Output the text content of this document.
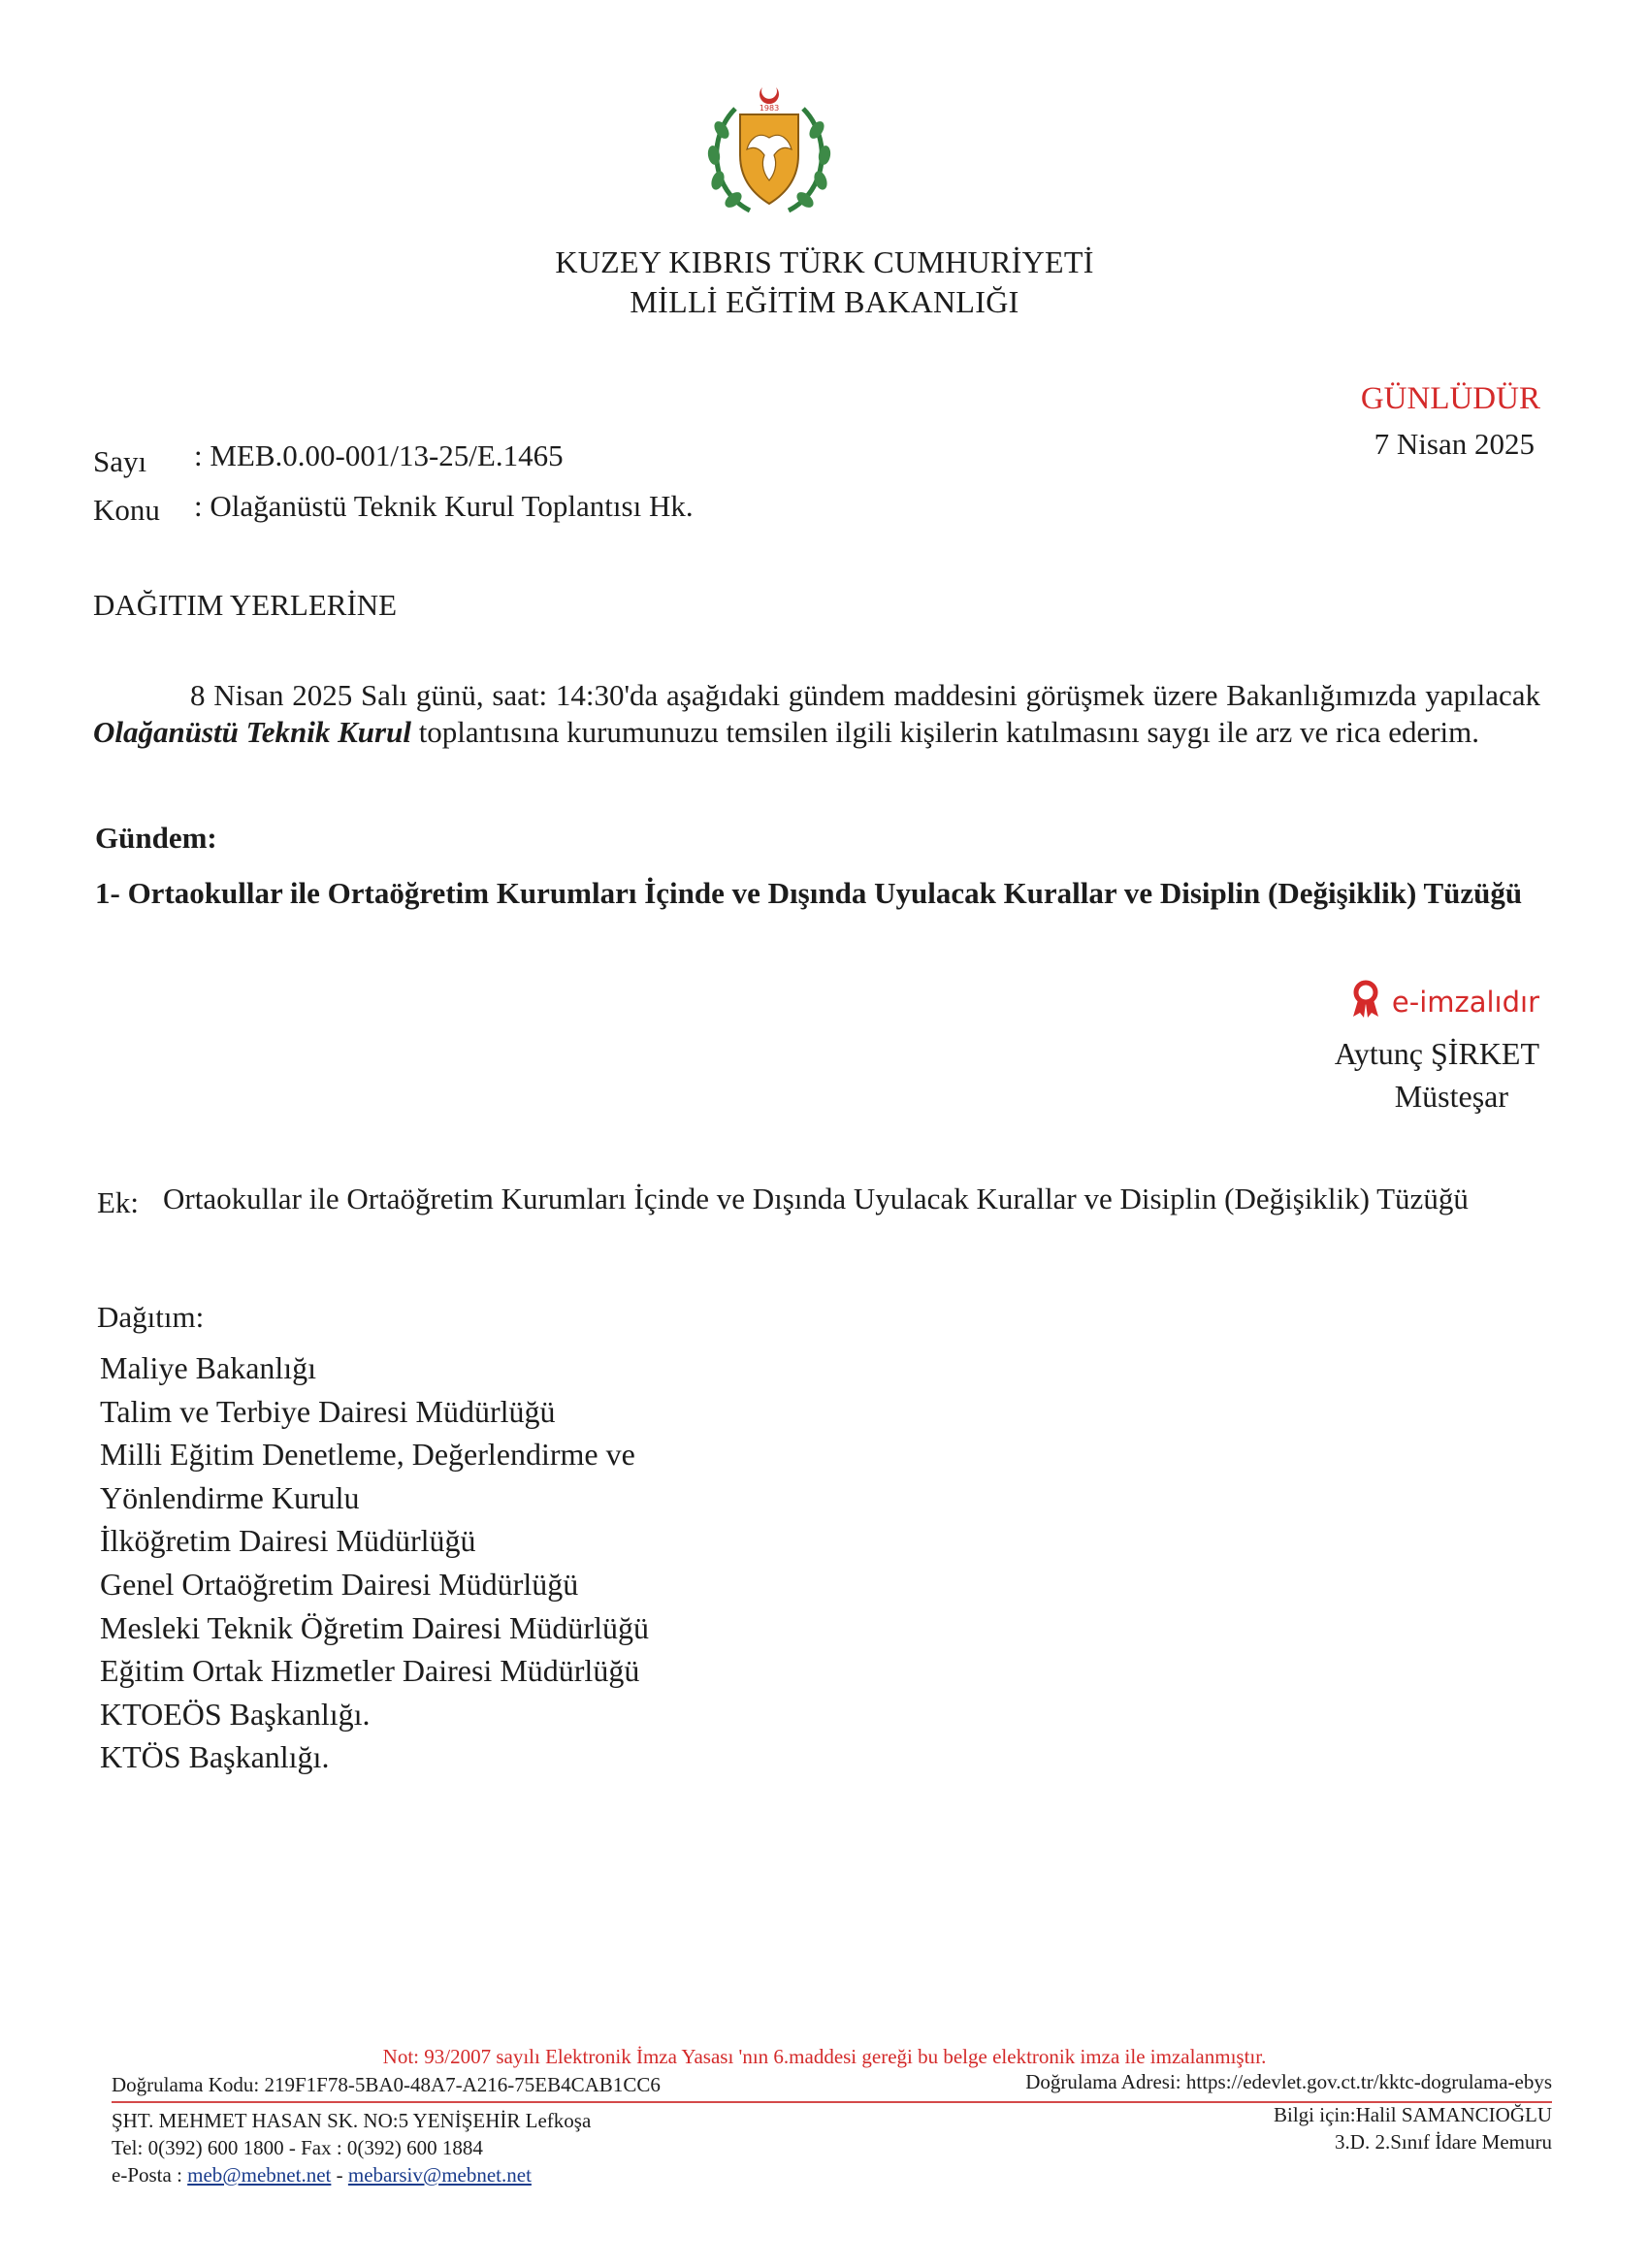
1983
KUZEY KIBRIS TÜRK CUMHURİYETİ
MİLLİ EĞİTİM BAKANLIĞI
GÜNLÜDÜR
7 Nisan 2025
Sayı : MEB.0.00-001/13-25/E.1465
Konu : Olağanüstü Teknik Kurul Toplantısı Hk.
DAĞITIM YERLERİNE

8 Nisan 2025 Salı günü, saat: 14:30'da aşağıdaki gündem maddesini görüşmek üzere Bakanlığımızda yapılacak Olağanüstü Teknik Kurul toplantısına kurumunuzu temsilen ilgili kişilerin katılmasını saygı ile arz ve rica ederim.

Gündem:
1- Ortaokullar ile Ortaöğretim Kurumları İçinde ve Dışında Uyulacak Kurallar ve Disiplin (Değişiklik) Tüzüğü
e-imzalıdır
Aytunç ŞİRKET
Müsteşar
Ek: Ortaokullar ile Ortaöğretim Kurumları İçinde ve Dışında Uyulacak Kurallar ve Disiplin (Değişiklik) Tüzüğü
Dağıtım:
Maliye Bakanlığı
Talim ve Terbiye Dairesi Müdürlüğü
Milli Eğitim Denetleme, Değerlendirme ve
Yönlendirme Kurulu
İlköğretim Dairesi Müdürlüğü
Genel Ortaöğretim Dairesi Müdürlüğü
Mesleki Teknik Öğretim Dairesi Müdürlüğü
Eğitim Ortak Hizmetler Dairesi Müdürlüğü
KTOEÖS Başkanlığı.
KTÖS Başkanlığı.
Not: 93/2007 sayılı Elektronik İmza Yasası 'nın 6.maddesi gereği bu belge elektronik imza ile imzalanmıştır.
Doğrulama Kodu: 219F1F78-5BA0-48A7-A216-75EB4CAB1CC6	Doğrulama Adresi: https://edevlet.gov.ct.tr/kktc-dogrulama-ebys
ŞHT. MEHMET HASAN SK. NO:5 YENİŞEHİR Lefkoşa
Tel: 0(392) 600 1800 - Fax : 0(392) 600 1884
e-Posta : meb@mebnet.net - mebarsiv@mebnet.net
Bilgi için:Halil SAMANCIOĞLU
3.D. 2.Sınıf İdare Memuru
